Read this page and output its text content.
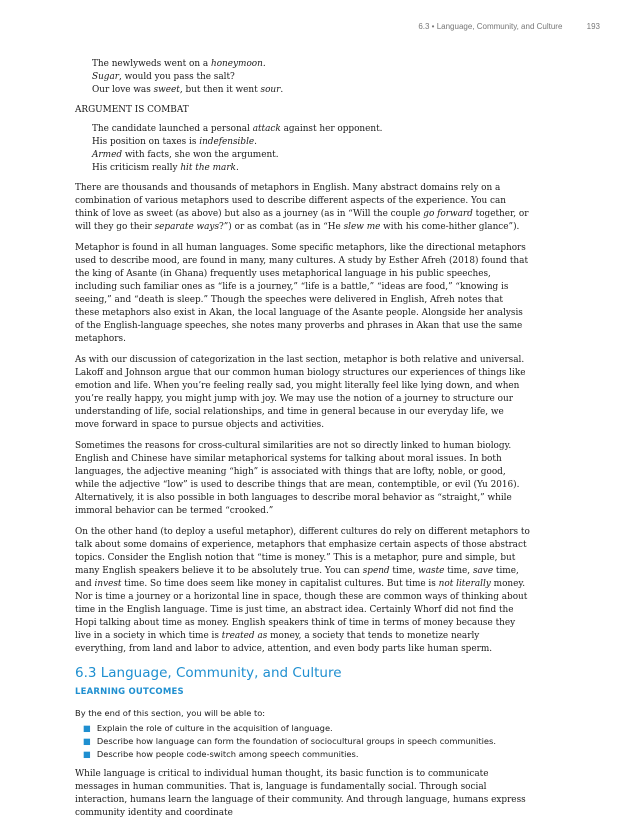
6.3 • Language, Community, and Culture	193

The newlyweds went on a honeymoon.

Sugar, would you pass the salt?

Our love was sweet, but then it went sour.

ARGUMENT IS COMBAT

The candidate launched a personal attack against her opponent.

His position on taxes is indefensible.

Armed with facts, she won the argument.

His criticism really hit the mark.

There are thousands and thousands of metaphors in English. Many abstract domains rely on a combination of various metaphors used to describe different aspects of the experience. You can think of love as sweet (as above) but also as a journey (as in “Will the couple go forward together, or will they go their separate ways?”) or as combat (as in “He slew me with his come-hither glance”).

Metaphor is found in all human languages. Some specific metaphors, like the directional metaphors used to describe mood, are found in many, many cultures. A study by Esther Afreh (2018) found that the king of Asante (in Ghana) frequently uses metaphorical language in his public speeches, including such familiar ones as “life is a journey,” “life is a battle,” “ideas are food,” “knowing is seeing,” and “death is sleep.” Though the speeches were delivered in English, Afreh notes that these metaphors also exist in Akan, the local language of the Asante people. Alongside her analysis of the English-language speeches, she notes many proverbs and phrases in Akan that use the same metaphors.

As with our discussion of categorization in the last section, metaphor is both relative and universal. Lakoff and Johnson argue that our common human biology structures our experiences of things like emotion and life. When you’re feeling really sad, you might literally feel like lying down, and when you’re really happy, you might jump with joy. We may use the notion of a journey to structure our understanding of life, social relationships, and time in general because in our everyday life, we move forward in space to pursue objects and activities.

Sometimes the reasons for cross-cultural similarities are not so directly linked to human biology. English and Chinese have similar metaphorical systems for talking about moral issues. In both languages, the adjective meaning “high” is associated with things that are lofty, noble, or good, while the adjective “low” is used to describe things that are mean, contemptible, or evil (Yu 2016). Alternatively, it is also possible in both languages to describe moral behavior as “straight,” while immoral behavior can be termed “crooked.”

On the other hand (to deploy a useful metaphor), different cultures do rely on different metaphors to talk about some domains of experience, metaphors that emphasize certain aspects of those abstract topics. Consider the English notion that “time is money.” This is a metaphor, pure and simple, but many English speakers believe it to be absolutely true. You can spend time, waste time, save time, and invest time. So time does seem like money in capitalist cultures. But time is not literally money. Nor is time a journey or a horizontal line in space, though these are common ways of thinking about time in the English language. Time is just time, an abstract idea. Certainly Whorf did not find the Hopi talking about time as money. English speakers think of time in terms of money because they live in a society in which time is treated as money, a society that tends to monetize nearly everything, from land and labor to advice, attention, and even body parts like human sperm.

6.3 Language, Community, and Culture

LEARNING OUTCOMES

By the end of this section, you will be able to:

■ Explain the role of culture in the acquisition of language.
■ Describe how language can form the foundation of sociocultural groups in speech communities.
■ Describe how people code-switch among speech communities.

While language is critical to individual human thought, its basic function is to communicate messages in human communities. That is, language is fundamentally social. Through social interaction, humans learn the language of their community. And through language, humans express community identity and coordinate
